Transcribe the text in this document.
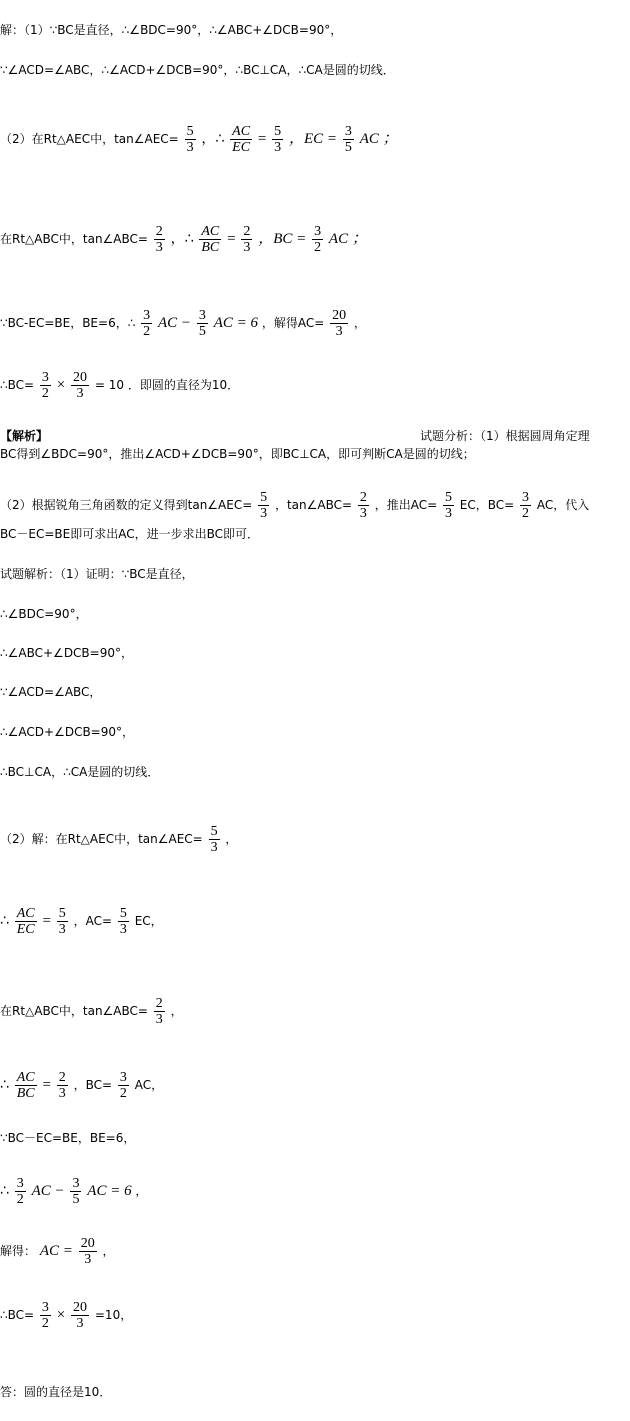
解：（1）∵BC是直径，∴∠BDC=90°，∴∠ABC+∠DCB=90°，
∵∠ACD=∠ABC，∴∠ACD+∠DCB=90°，∴BC⊥CA，∴CA是圆的切线．
（2）在Rt△AEC中，tan∠AEC= $\frac{5}{3}$ ，∴ $\frac{AC}{EC} = \frac{5}{3}$ ，EC = $\frac{3}{5}$ AC ；
在Rt△ABC中，tan∠ABC= $\frac{2}{3}$ ，∴ $\frac{AC}{BC} = \frac{2}{3}$ ，BC = $\frac{3}{2}$ AC ；
∵BC-EC=BE，BE=6，∴ $\frac{3}{2}$ AC − $\frac{3}{5}$ AC = 6 ，解得$AC= \frac{20}{3}$ ，
∴BC= $\frac{3}{2} \times \frac{20}{3} = 10$ ．即圆的直径为10．
【解析】	试题分析：（1）根据圆周角定理
BC得到∠BDC=90°，推出∠ACD+∠DCB=90°，即BC⊥CA，即可判断CA是圆的切线；
（2）根据锐角三角函数的定义得到tan∠AEC= $\frac{5}{3}$ ，tan∠ABC= $\frac{2}{3}$ ，推出$AC= \frac{5}{3}$ EC，$BC= \frac{3}{2}$ AC，代入
BC－EC=BE即可求出AC，进一步求出BC即可．
试题解析：（1）证明：∵BC是直径，
∴∠BDC=90°，
∴∠ABC+∠DCB=90°，
∵∠ACD=∠ABC，
∴∠ACD+∠DCB=90°，
∴BC⊥CA，∴CA是圆的切线．
（2）解：在Rt△AEC中，tan∠AEC= $\frac{5}{3}$ ，
∴ $\frac{AC}{EC} = \frac{5}{3}$ ，$AC= \frac{5}{3}$ EC，
在Rt△ABC中，tan∠ABC= $\frac{2}{3}$ ，
∴ $\frac{AC}{BC} = \frac{2}{3}$ ，$BC= \frac{3}{2}$ AC，
∵BC－EC=BE，BE=6，
∴ $\frac{3}{2}$ AC − $\frac{3}{5}$ AC = 6 ，
解得： AC = $\frac{20}{3}$ ，
∴BC= $\frac{3}{2} \times \frac{20}{3} =10$，
答：圆的直径是10．
